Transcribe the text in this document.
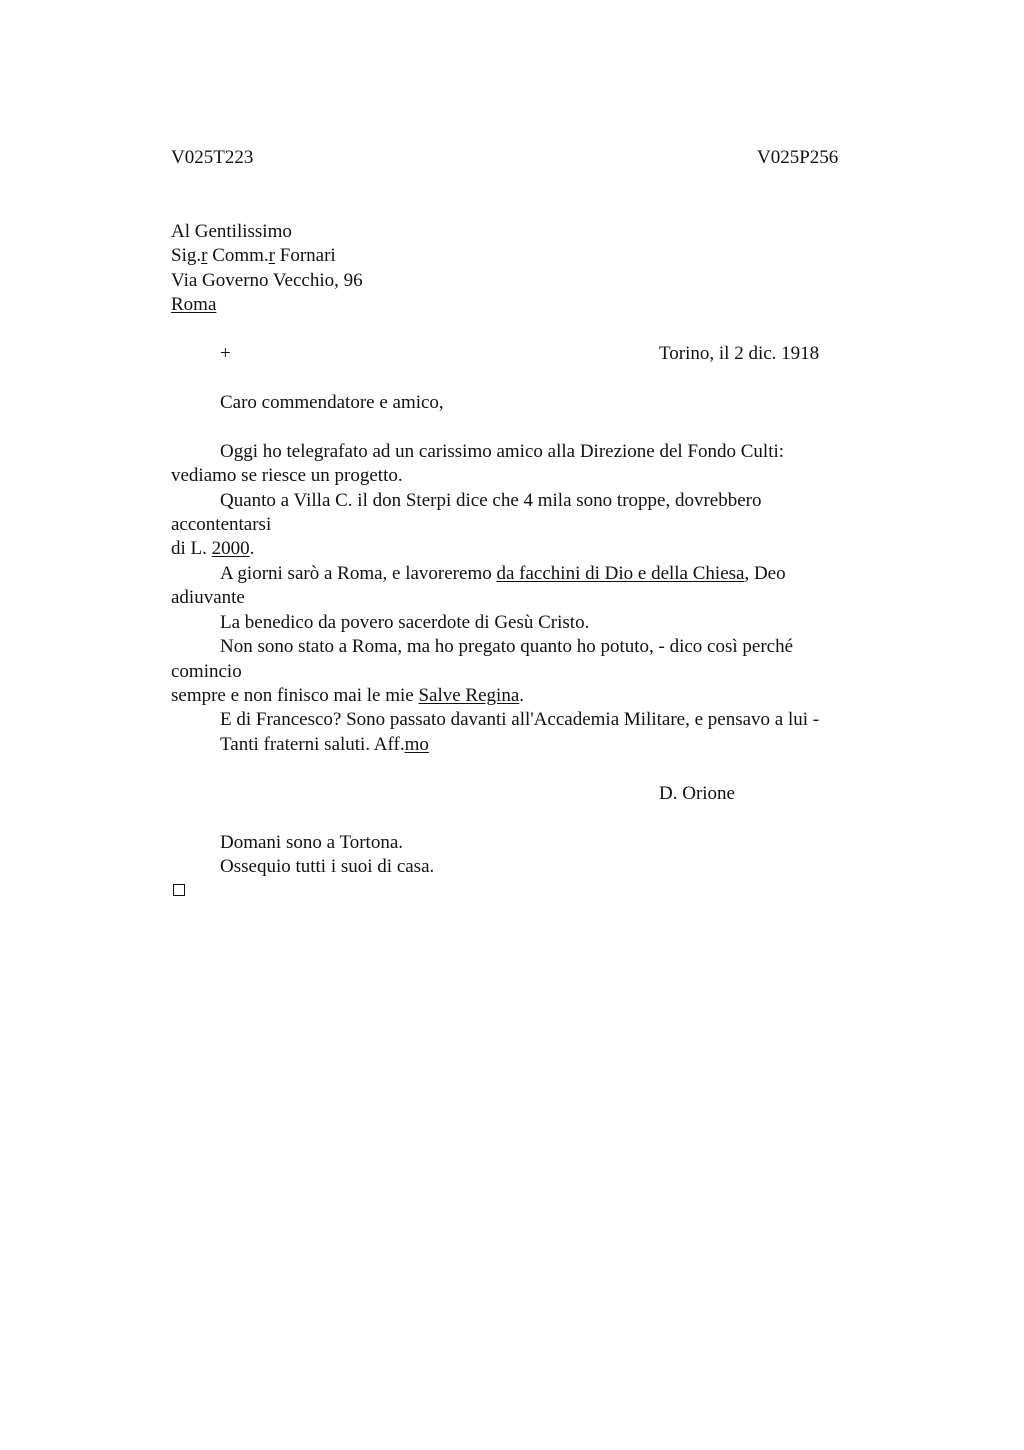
V025T223	V025P256
Al Gentilissimo
Sig.r Comm.r Fornari
Via Governo Vecchio, 96
Roma
+	Torino, il 2 dic. 1918
Caro commendatore e amico,
Oggi ho telegrafato ad un carissimo amico alla Direzione del Fondo Culti:
vediamo se riesce un progetto.
Quanto a Villa C. il don Sterpi dice che 4 mila sono troppe, dovrebbero
accontentarsi
di L. 2000.
A giorni sarò a Roma, e lavoreremo da facchini di Dio e della Chiesa, Deo
adiuvante
La benedico da povero sacerdote di Gesù Cristo.
Non sono stato a Roma, ma ho pregato quanto ho potuto, - dico così perché
comincio
sempre e non finisco mai le mie Salve Regina.
E di Francesco? Sono passato davanti all'Accademia Militare, e pensavo a lui -
Tanti fraterni saluti. Aff.mo
D. Orione
Domani sono a Tortona.
Ossequio tutti i suoi di casa.
